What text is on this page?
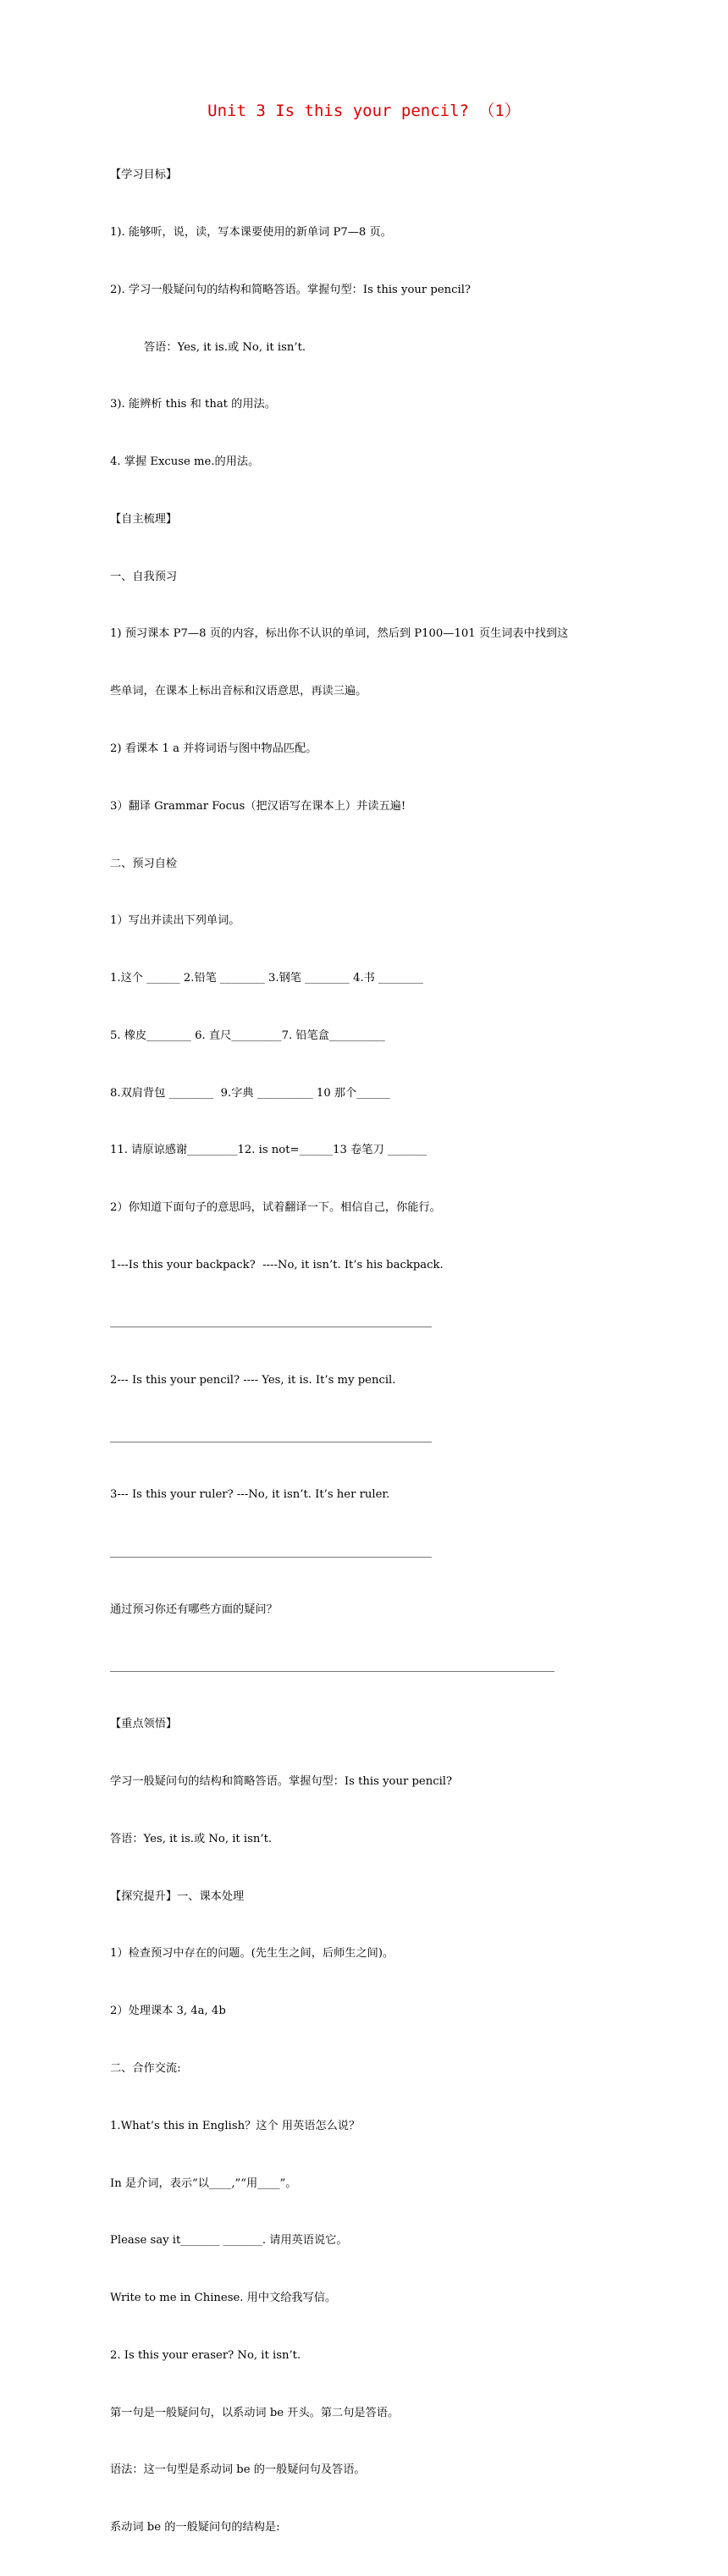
Unit 3 Is this your pencil? （1）

【学习目标】

1). 能够听，说，读，写本课要使用的新单词 P7—8 页。

2). 学习一般疑问句的结构和简略答语。掌握句型：Is this your pencil?

答语：Yes, it is.或 No, it isn’t.

3). 能辨析 this 和 that 的用法。

4. 掌握 Excuse me.的用法。

【自主梳理】

一、自我预习

1) 预习课本 P7—8 页的内容，标出你不认识的单词，然后到 P100—101 页生词表中找到这

些单词，在课本上标出音标和汉语意思，再读三遍。

2) 看课本 1 a 并将词语与图中物品匹配。

3）翻译 Grammar Focus（把汉语写在课本上）并读五遍!

二、预习自检

1）写出并读出下列单词。

1.这个 ______ 2.铅笔 ________ 3.钢笔 ________ 4.书 ________

5. 橡皮________ 6. 直尺_________7. 铅笔盒__________

8.双肩背包 ________  9.字典 __________ 10 那个______

11. 请原谅感谢_________12. is not=______13 卷笔刀 _______

2）你知道下面句子的意思吗，试着翻译一下。相信自己，你能行。

1---Is this your backpack?  ----No, it isn’t. It’s his backpack.

2--- Is this your pencil? ---- Yes, it is. It’s my pencil.

3--- Is this your ruler? ---No, it isn’t. It’s her ruler.

通过预习你还有哪些方面的疑问？

【重点领悟】

学习一般疑问句的结构和简略答语。掌握句型：Is this your pencil?

答语：Yes, it is.或 No, it isn’t.

【探究提升】一、课本处理

1）检查预习中存在的问题。(先生生之间，后师生之间)。

2）处理课本 3, 4a, 4b

二、合作交流:

1.What’s this in English？这个 用英语怎么说？

In 是介词，表示“以____,”“用____”。

Please say it_______ _______. 请用英语说它。

Write to me in Chinese. 用中文给我写信。

2. Is this your eraser? No, it isn’t.

第一句是一般疑问句，以系动词 be 开头。第二句是答语。

语法：这一句型是系动词 be 的一般疑问句及答语。

系动词 be 的一般疑问句的结构是:
